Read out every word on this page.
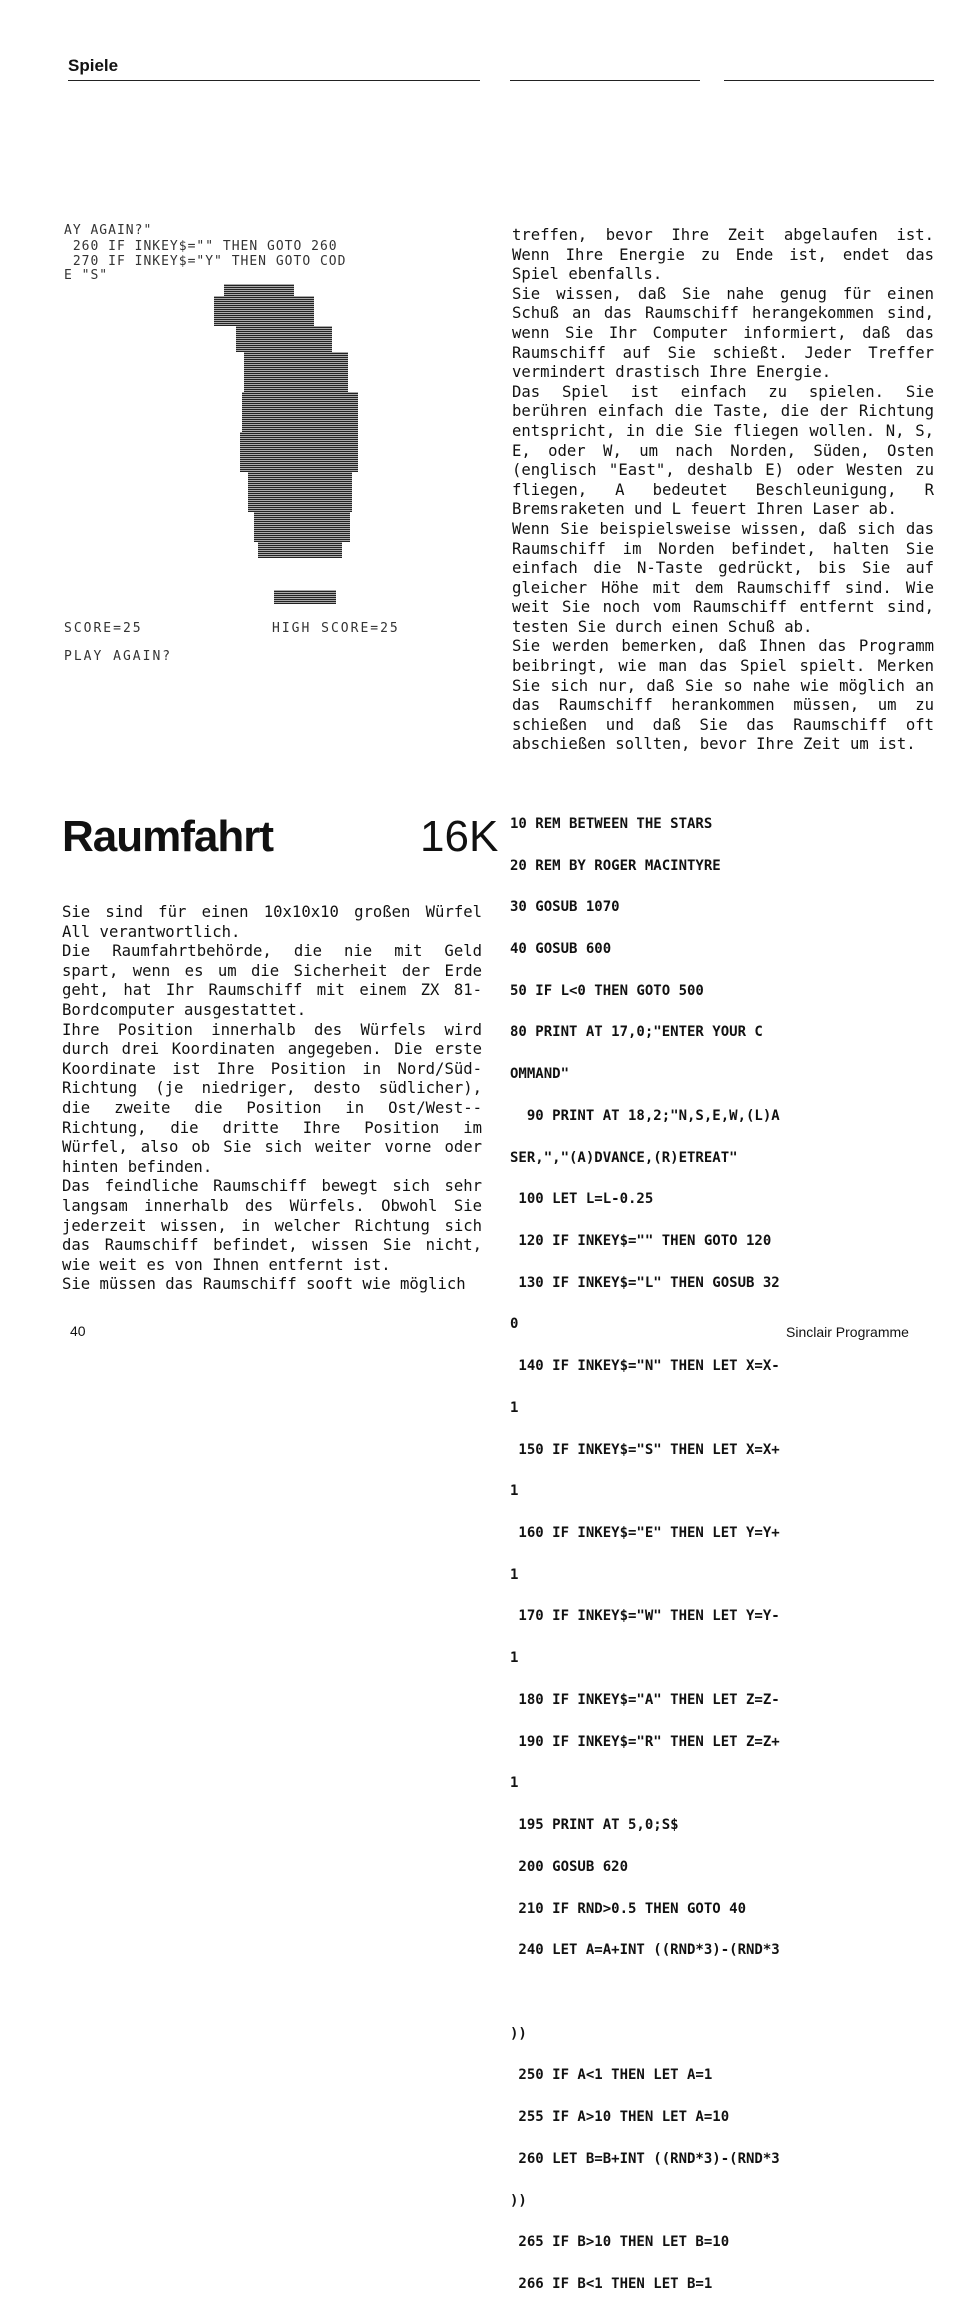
Spiele
AY AGAIN?"
260 IF INKEY$="" THEN GOTO 260
270 IF INKEY$="Y" THEN GOTO COD
E "S"
SCORE=25	HIGH SCORE=25
PLAY AGAIN?

treffen, bevor Ihre Zeit abgelaufen ist. Wenn Ihre Energie zu Ende ist, endet das Spiel ebenfalls.

Sie wissen, daß Sie nahe genug für einen Schuß an das Raumschiff herangekommen sind, wenn Sie Ihr Computer informiert, daß das Raumschiff auf Sie schießt. Jeder Treffer vermindert drastisch Ihre Energie.

Das Spiel ist einfach zu spielen. Sie berühren einfach die Taste, die der Richtung entspricht, in die Sie fliegen wollen. N, S, E, oder W, um nach Norden, Süden, Osten (englisch "East", deshalb E) oder Westen zu fliegen, A bedeutet Beschleunigung, R Bremsraketen und L feuert Ihren Laser ab.

Wenn Sie beispielsweise wissen, daß sich das Raumschiff im Norden befindet, halten Sie einfach die N-Taste gedrückt, bis Sie auf gleicher Höhe mit dem Raumschiff sind. Wie weit Sie noch vom Raumschiff entfernt sind, testen Sie durch einen Schuß ab.

Sie werden bemerken, daß Ihnen das Programm beibringt, wie man das Spiel spielt. Merken Sie sich nur, daß Sie so nahe wie möglich an das Raumschiff herankommen müssen, um zu schießen und daß Sie das Raumschiff oft abschießen sollten, bevor Ihre Zeit um ist.

Raumfahrt	16K

Sie sind für einen 10x10x10 großen Würfel All verantwortlich.

Die Raumfahrtbehörde, die nie mit Geld spart, wenn es um die Sicherheit der Erde geht, hat Ihr Raumschiff mit einem ZX 81-Bordcomputer ausgestattet.

Ihre Position innerhalb des Würfels wird durch drei Koordinaten angegeben. Die erste Koordinate ist Ihre Position in Nord/Süd-Richtung (je niedriger, desto südlicher), die zweite die Position in Ost/West--Richtung, die dritte Ihre Position im Würfel, also ob Sie sich weiter vorne oder hinten befinden.

Das feindliche Raumschiff bewegt sich sehr langsam innerhalb des Würfels. Obwohl Sie jederzeit wissen, in welcher Richtung sich das Raumschiff befindet, wissen Sie nicht, wie weit es von Ihnen entfernt ist.

Sie müssen das Raumschiff sooft wie möglich

10 REM BETWEEN THE STARS

20 REM BY ROGER MACINTYRE

30 GOSUB 1070

40 GOSUB 600

50 IF L<0 THEN GOTO 500

80 PRINT AT 17,0;"ENTER YOUR C

OMMAND"

90 PRINT AT 18,2;"N,S,E,W,(L)A

SER,","(A)DVANCE,(R)ETREAT"

100 LET L=L-0.25

120 IF INKEY$="" THEN GOTO 120

130 IF INKEY$="L" THEN GOSUB 32

0

140 IF INKEY$="N" THEN LET X=X-

1

150 IF INKEY$="S" THEN LET X=X+

1

160 IF INKEY$="E" THEN LET Y=Y+

1

170 IF INKEY$="W" THEN LET Y=Y-

1

180 IF INKEY$="A" THEN LET Z=Z-

190 IF INKEY$="R" THEN LET Z=Z+

1

195 PRINT AT 5,0;S$

200 GOSUB 620

210 IF RND>0.5 THEN GOTO 40

240 LET A=A+INT ((RND*3)-(RND*3

))

250 IF A<1 THEN LET A=1

255 IF A>10 THEN LET A=10

260 LET B=B+INT ((RND*3)-(RND*3

))

265 IF B>10 THEN LET B=10

266 IF B<1 THEN LET B=1

40	Sinclair Programme
